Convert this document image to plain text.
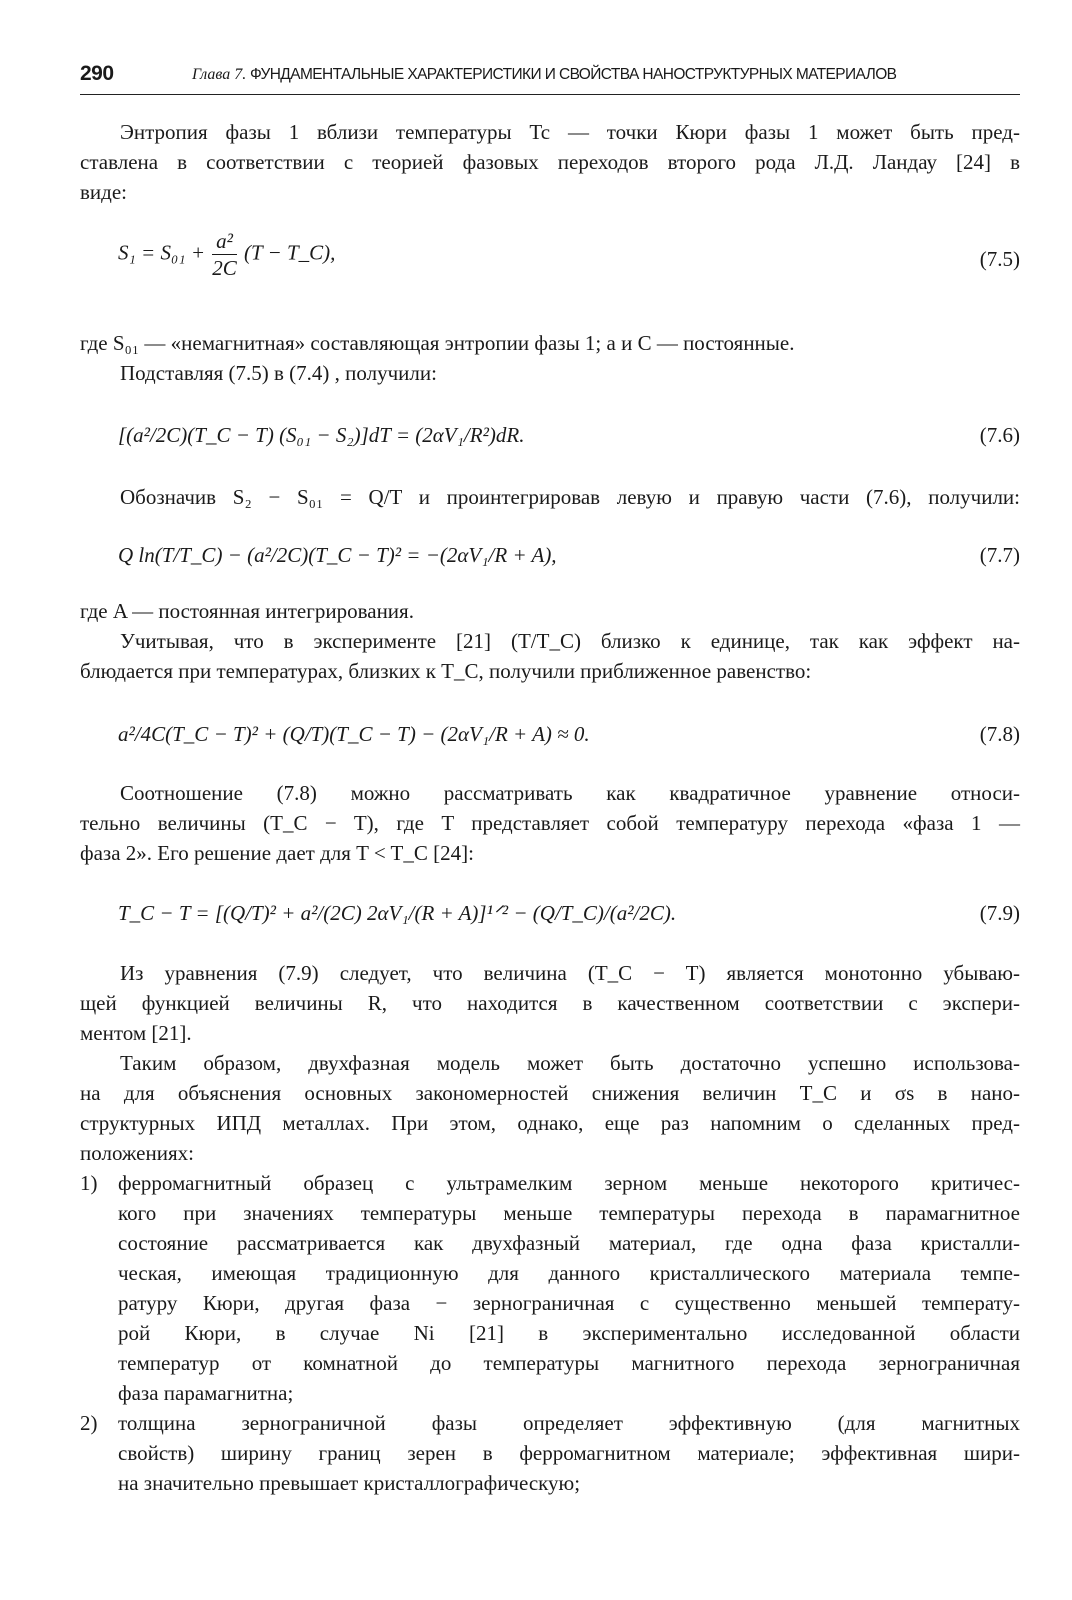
290	Глава 7. ФУНДАМЕНТАЛЬНЫЕ ХАРАКТЕРИСТИКИ И СВОЙСТВА НАНОСТРУКТУРНЫХ МАТЕРИАЛОВ
Энтропия фазы 1 вблизи температуры Tc — точки Кюри фазы 1 может быть пред-
ставлена в соответствии с теорией фазовых переходов второго рода Л.Д. Ландау [24] в
виде:
$S_1 = S_{01} + \frac{\text{a²}}{2C} (T$ − T_C),	(7.5)
где S₀₁ — «немагнитная» составляющая энтропии фазы 1; a и C — постоянные.
Подставляя (7.5) в (7.4) , получили:
[(a²/2C)(T_C − T) (S₀₁ − S₂)]dT = (2αV₁/R²)dR.	(7.6)
Обозначив S₂ − S₀₁ = Q/T и проинтегрировав левую и правую части (7.6), получили:
Q ln(T/T_C) − (a²/2C)(T_C − T)² = −(2αV₁/R + A),	(7.7)
где A — постоянная интегрирования.
Учитывая, что в эксперименте [21] (T/T_C) близко к единице, так как эффект на-
блюдается при температурах, близких к T_C, получили приближенное равенство:
a²/4C(T_C − T)² + (Q/T)(T_C − T) − (2αV₁/R + A) ≈ 0.	(7.8)
Соотношение (7.8) можно рассматривать как квадратичное уравнение относи-
тельно величины (T_C − T), где T представляет собой температуру перехода «фаза 1 —
фаза 2». Его решение дает для T < T_C [24]:
T_C − T = [(Q/T)² + a²/(2C) 2αV₁/(R + A)]¹ᐟ² − (Q/T_C)/(a²/2C).	(7.9)
Из уравнения (7.9) следует, что величина (T_C − T) является монотонно убываю-
щей функцией величины R, что находится в качественном соответствии с экспери-
ментом [21].
Таким образом, двухфазная модель может быть достаточно успешно использова-
на для объяснения основных закономерностей снижения величин T_C и σs в нано-
структурных ИПД металлах. При этом, однако, еще раз напомним о сделанных пред-
положениях:
1) ферромагнитный образец с ультрамелким зерном меньше некоторого критичес-
кого при значениях температуры меньше температуры перехода в парамагнитное
состояние рассматривается как двухфазный материал, где одна фаза кристалли-
ческая, имеющая традиционную для данного кристаллического материала темпе-
ратуру Кюри, другая фаза − зернограничная с существенно меньшей температу-
рой Кюри, в случае Ni [21] в экспериментально исследованной области
температур от комнатной до температуры магнитного перехода зернограничная
фаза парамагнитна;
2) толщина зернограничной фазы определяет эффективную (для магнитных
свойств) ширину границ зерен в ферромагнитном материале; эффективная шири-
на значительно превышает кристаллографическую;
